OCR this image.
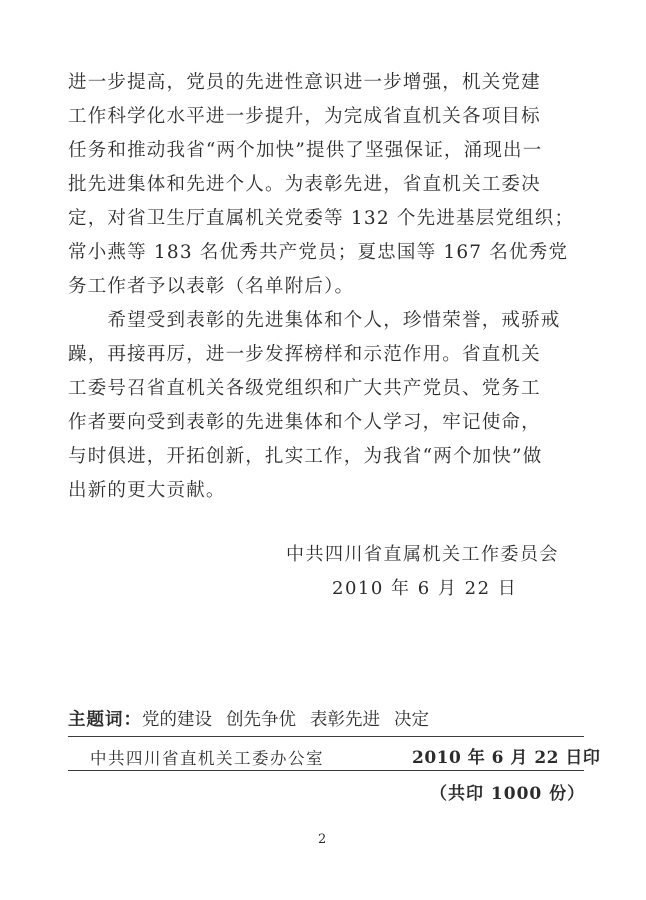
进一步提高，党员的先进性意识进一步增强，机关党建
工作科学化水平进一步提升，为完成省直机关各项目标
任务和推动我省“两个加快”提供了坚强保证，涌现出一
批先进集体和先进个人。为表彰先进，省直机关工委决
定，对省卫生厅直属机关党委等 132 个先进基层党组织；
常小燕等 183 名优秀共产党员；夏忠国等 167 名优秀党
务工作者予以表彰（名单附后）。
　　希望受到表彰的先进集体和个人，珍惜荣誉，戒骄戒
躁，再接再厉，进一步发挥榜样和示范作用。省直机关
工委号召省直机关各级党组织和广大共产党员、党务工
作者要向受到表彰的先进集体和个人学习，牢记使命，
与时俱进，开拓创新，扎实工作，为我省“两个加快”做
出新的更大贡献。
中共四川省直属机关工作委员会
2010 年 6 月 22 日
主题词：党的建设 创先争优 表彰先进 决定
中共四川省直机关工委办公室	2010 年 6 月 22 日印
（共印 1000 份）
2
